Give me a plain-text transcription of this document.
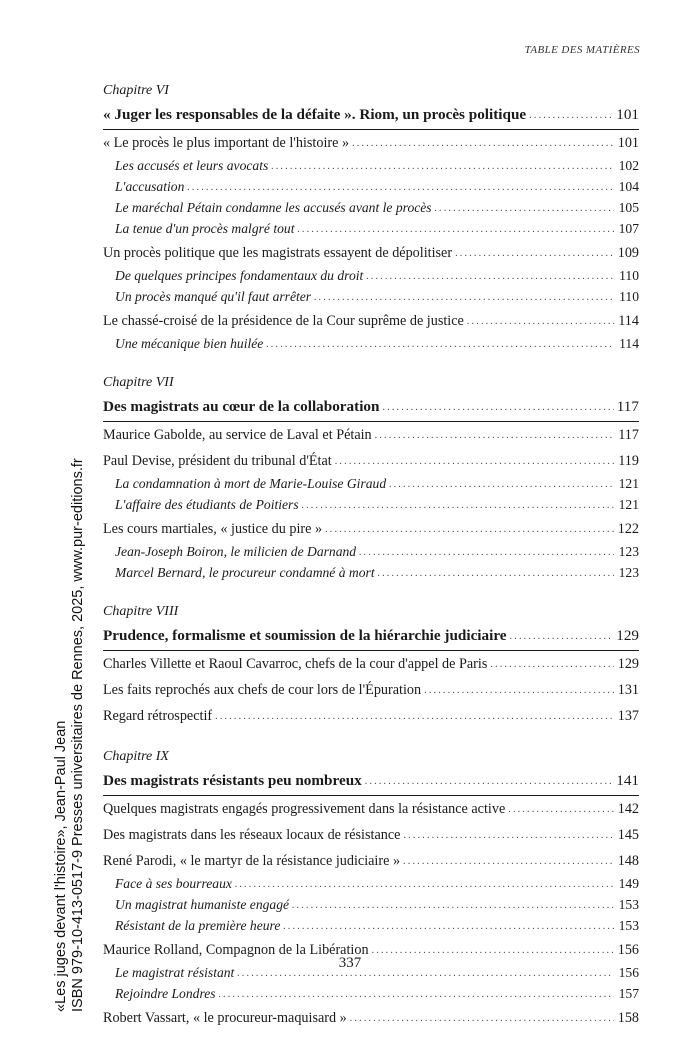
TABLE DES MATIÈRES
Chapitre VI
« Juger les responsables de la défaite ». Riom, un procès politique .....	101
« Le procès le plus important de l'histoire » .....	101
Les accusés et leurs avocats .....	102
L'accusation .....	104
Le maréchal Pétain condamne les accusés avant le procès .....	105
La tenue d'un procès malgré tout .....	107
Un procès politique que les magistrats essayent de dépolitiser .....	109
De quelques principes fondamentaux du droit .....	110
Un procès manqué qu'il faut arrêter .....	110
Le chassé-croisé de la présidence de la Cour suprême de justice .....	114
Une mécanique bien huilée .....	114
Chapitre VII
Des magistrats au cœur de la collaboration .....	117
Maurice Gabolde, au service de Laval et Pétain .....	117
Paul Devise, président du tribunal d'État .....	119
La condamnation à mort de Marie-Louise Giraud .....	121
L'affaire des étudiants de Poitiers .....	121
Les cours martiales, « justice du pire » .....	122
Jean-Joseph Boiron, le milicien de Darnand .....	123
Marcel Bernard, le procureur condamné à mort .....	123
Chapitre VIII
Prudence, formalisme et soumission de la hiérarchie judiciaire .....	129
Charles Villette et Raoul Cavarroc, chefs de la cour d'appel de Paris .....	129
Les faits reprochés aux chefs de cour lors de l'Épuration .....	131
Regard rétrospectif .....	137
Chapitre IX
Des magistrats résistants peu nombreux .....	141
Quelques magistrats engagés progressivement dans la résistance active .....	142
Des magistrats dans les réseaux locaux de résistance .....	145
René Parodi, « le martyr de la résistance judiciaire » .....	148
Face à ses bourreaux .....	149
Un magistrat humaniste engagé .....	153
Résistant de la première heure .....	153
Maurice Rolland, Compagnon de la Libération .....	156
Le magistrat résistant .....	156
Rejoindre Londres .....	157
Robert Vassart, « le procureur-maquisard » .....	158
337
«Les juges devant l'histoire», Jean-Paul Jean ISBN 979-10-413-0517-9 Presses universitaires de Rennes, 2025, www.pur-editions.fr
